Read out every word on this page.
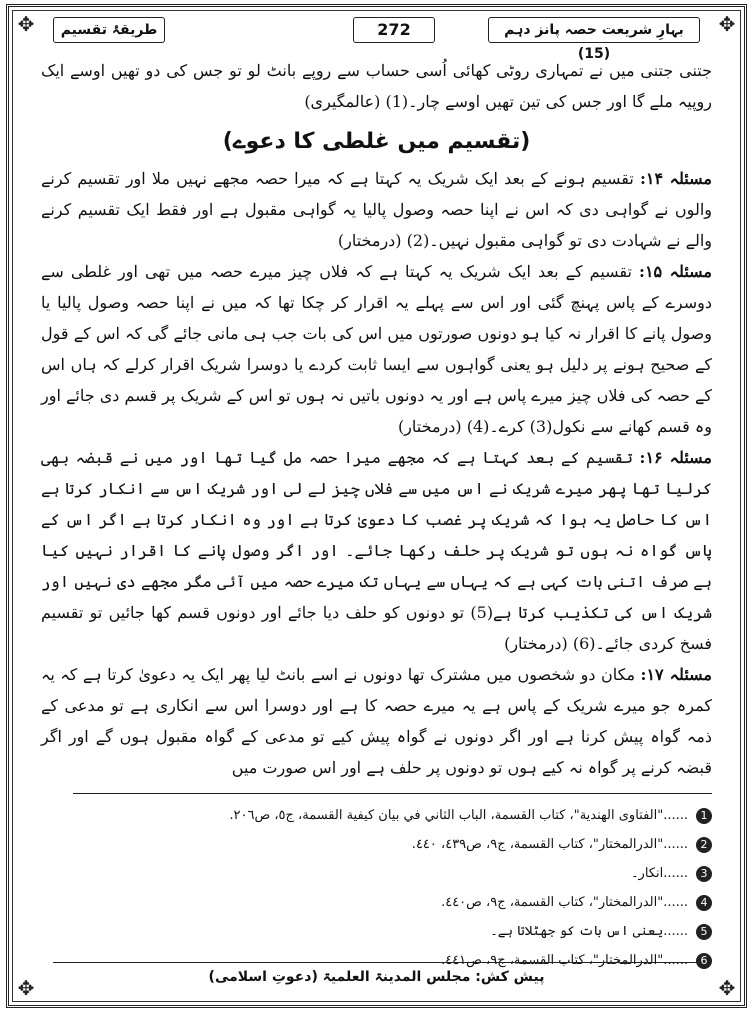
✥	✥
✥	✥
بہارِ شریعت حصہ پانز دہم (15)
272
طریقۂ تقسیم

جتنی جتنی میں نے تمہاری روٹی کھائی اُسی حساب سے روپے بانٹ لو تو جس کی دو تھیں اوسے ایک روپیہ ملے گا اور جس کی تین تھیں اوسے چار۔(1) (عالمگیری)

(تقسیم میں غلطی کا دعوے)

مسئلہ ۱۴: تقسیم ہونے کے بعد ایک شریک یہ کہتا ہے کہ میرا حصہ مجھے نہیں ملا اور تقسیم کرنے والوں نے گواہی دی کہ اس نے اپنا حصہ وصول پالیا یہ گواہی مقبول ہے اور فقط ایک تقسیم کرنے والے نے شہادت دی تو گواہی مقبول نہیں۔(2) (درمختار)

مسئلہ ۱۵: تقسیم کے بعد ایک شریک یہ کہتا ہے کہ فلاں چیز میرے حصہ میں تھی اور غلطی سے دوسرے کے پاس پہنچ گئی اور اس سے پہلے یہ اقرار کر چکا تھا کہ میں نے اپنا حصہ وصول پالیا یا وصول پانے کا اقرار نہ کیا ہو دونوں صورتوں میں اس کی بات جب ہی مانی جائے گی کہ اس کے قول کے صحیح ہونے پر دلیل ہو یعنی گواہوں سے ایسا ثابت کردے یا دوسرا شریک اقرار کرلے کہ ہاں اس کے حصہ کی فلاں چیز میرے پاس ہے اور یہ دونوں باتیں نہ ہوں تو اس کے شریک پر قسم دی جائے اور وہ قسم کھانے سے نکول(3) کرے۔(4) (درمختار)

مسئلہ ۱۶: تقسیم کے بعد کہتا ہے کہ مجھے میرا حصہ مل گیا تھا اور میں نے قبضہ بھی کرلیا تھا پھر میرے شریک نے اس میں سے فلاں چیز لے لی اور شریک اس سے انکار کرتا ہے اس کا حاصل یہ ہوا کہ شریک پر غصب کا دعویٰ کرتا ہے اور وہ انکار کرتا ہے اگر اس کے پاس گواہ نہ ہوں تو شریک پر حلف رکھا جائے۔ اور اگر وصول پانے کا اقرار نہیں کیا ہے صرف اتنی بات کہی ہے کہ یہاں سے یہاں تک میرے حصہ میں آئی مگر مجھے دی نہیں اور شریک اس کی تکذیب کرتا ہے(5) تو دونوں کو حلف دیا جائے اور دونوں قسم کھا جائیں تو تقسیم فسخ کردی جائے۔(6) (درمختار)

مسئلہ ۱۷: مکان دو شخصوں میں مشترک تھا دونوں نے اسے بانٹ لیا پھر ایک یہ دعویٰ کرتا ہے کہ یہ کمرہ جو میرے شریک کے پاس ہے یہ میرے حصہ کا ہے اور دوسرا اس سے انکاری ہے تو مدعی کے ذمہ گواہ پیش کرنا ہے اور اگر دونوں نے گواہ پیش کیے تو مدعی کے گواہ مقبول ہوں گے اور اگر قبضہ کرنے پر گواہ نہ کیے ہوں تو دونوں پر حلف ہے اور اس صورت میں

1
......"الفتاوى الهندية"، كتاب القسمة، الباب الثاني في بيان كيفية القسمة، ج٥، ص٢٠٦.
2
......"الدرالمختار"، كتاب القسمة، ج٩، ص٤٣٩، ٤٤٠.
3
......انکار۔
4
......"الدرالمختار"، كتاب القسمة، ج٩، ص٤٤٠.
5
......یعنی اس بات کو جھٹلاتا ہے۔
6
......"الدرالمختار"، كتاب القسمة، ج٩، ص٤٤١.
پیش کش: مجلس المدینۃ العلمیۃ (دعوتِ اسلامی)
